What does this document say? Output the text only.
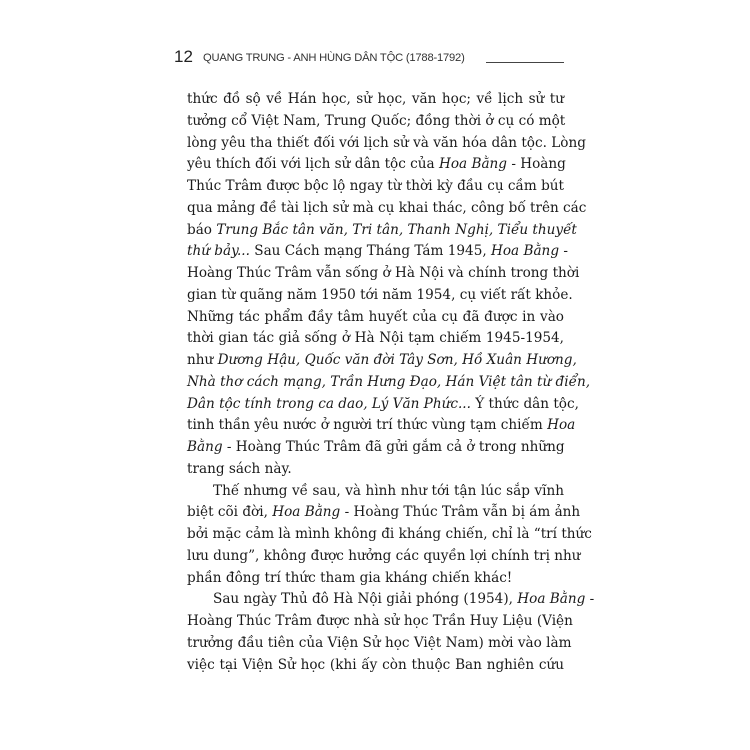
12 QUANG TRUNG - ANH HÙNG DÂN TỘC (1788-1792)
thức đồ sộ về Hán học, sử học, văn học; về lịch sử tư
tưởng cổ Việt Nam, Trung Quốc; đồng thời ở cụ có một
lòng yêu tha thiết đối với lịch sử và văn hóa dân tộc. Lòng
yêu thích đối với lịch sử dân tộc của Hoa Bằng - Hoàng
Thúc Trâm được bộc lộ ngay từ thời kỳ đầu cụ cầm bút
qua mảng đề tài lịch sử mà cụ khai thác, công bố trên các
báo Trung Bắc tân văn, Tri tân, Thanh Nghị, Tiểu thuyết
thứ bảy... Sau Cách mạng Tháng Tám 1945, Hoa Bằng -
Hoàng Thúc Trâm vẫn sống ở Hà Nội và chính trong thời
gian từ quãng năm 1950 tới năm 1954, cụ viết rất khỏe.
Những tác phẩm đầy tâm huyết của cụ đã được in vào
thời gian tác giả sống ở Hà Nội tạm chiếm 1945-1954,
như Dương Hậu, Quốc văn đời Tây Sơn, Hồ Xuân Hương,
Nhà thơ cách mạng, Trần Hưng Đạo, Hán Việt tân từ điển,
Dân tộc tính trong ca dao, Lý Văn Phức... Ý thức dân tộc,
tinh thần yêu nước ở người trí thức vùng tạm chiếm Hoa
Bằng - Hoàng Thúc Trâm đã gửi gắm cả ở trong những
trang sách này.
Thế nhưng về sau, và hình như tới tận lúc sắp vĩnh
biệt cõi đời, Hoa Bằng - Hoàng Thúc Trâm vẫn bị ám ảnh
bởi mặc cảm là mình không đi kháng chiến, chỉ là “trí thức
lưu dung”, không được hưởng các quyền lợi chính trị như
phần đông trí thức tham gia kháng chiến khác!
Sau ngày Thủ đô Hà Nội giải phóng (1954), Hoa Bằng -
Hoàng Thúc Trâm được nhà sử học Trần Huy Liệu (Viện
trưởng đầu tiên của Viện Sử học Việt Nam) mời vào làm
việc tại Viện Sử học (khi ấy còn thuộc Ban nghiên cứu
